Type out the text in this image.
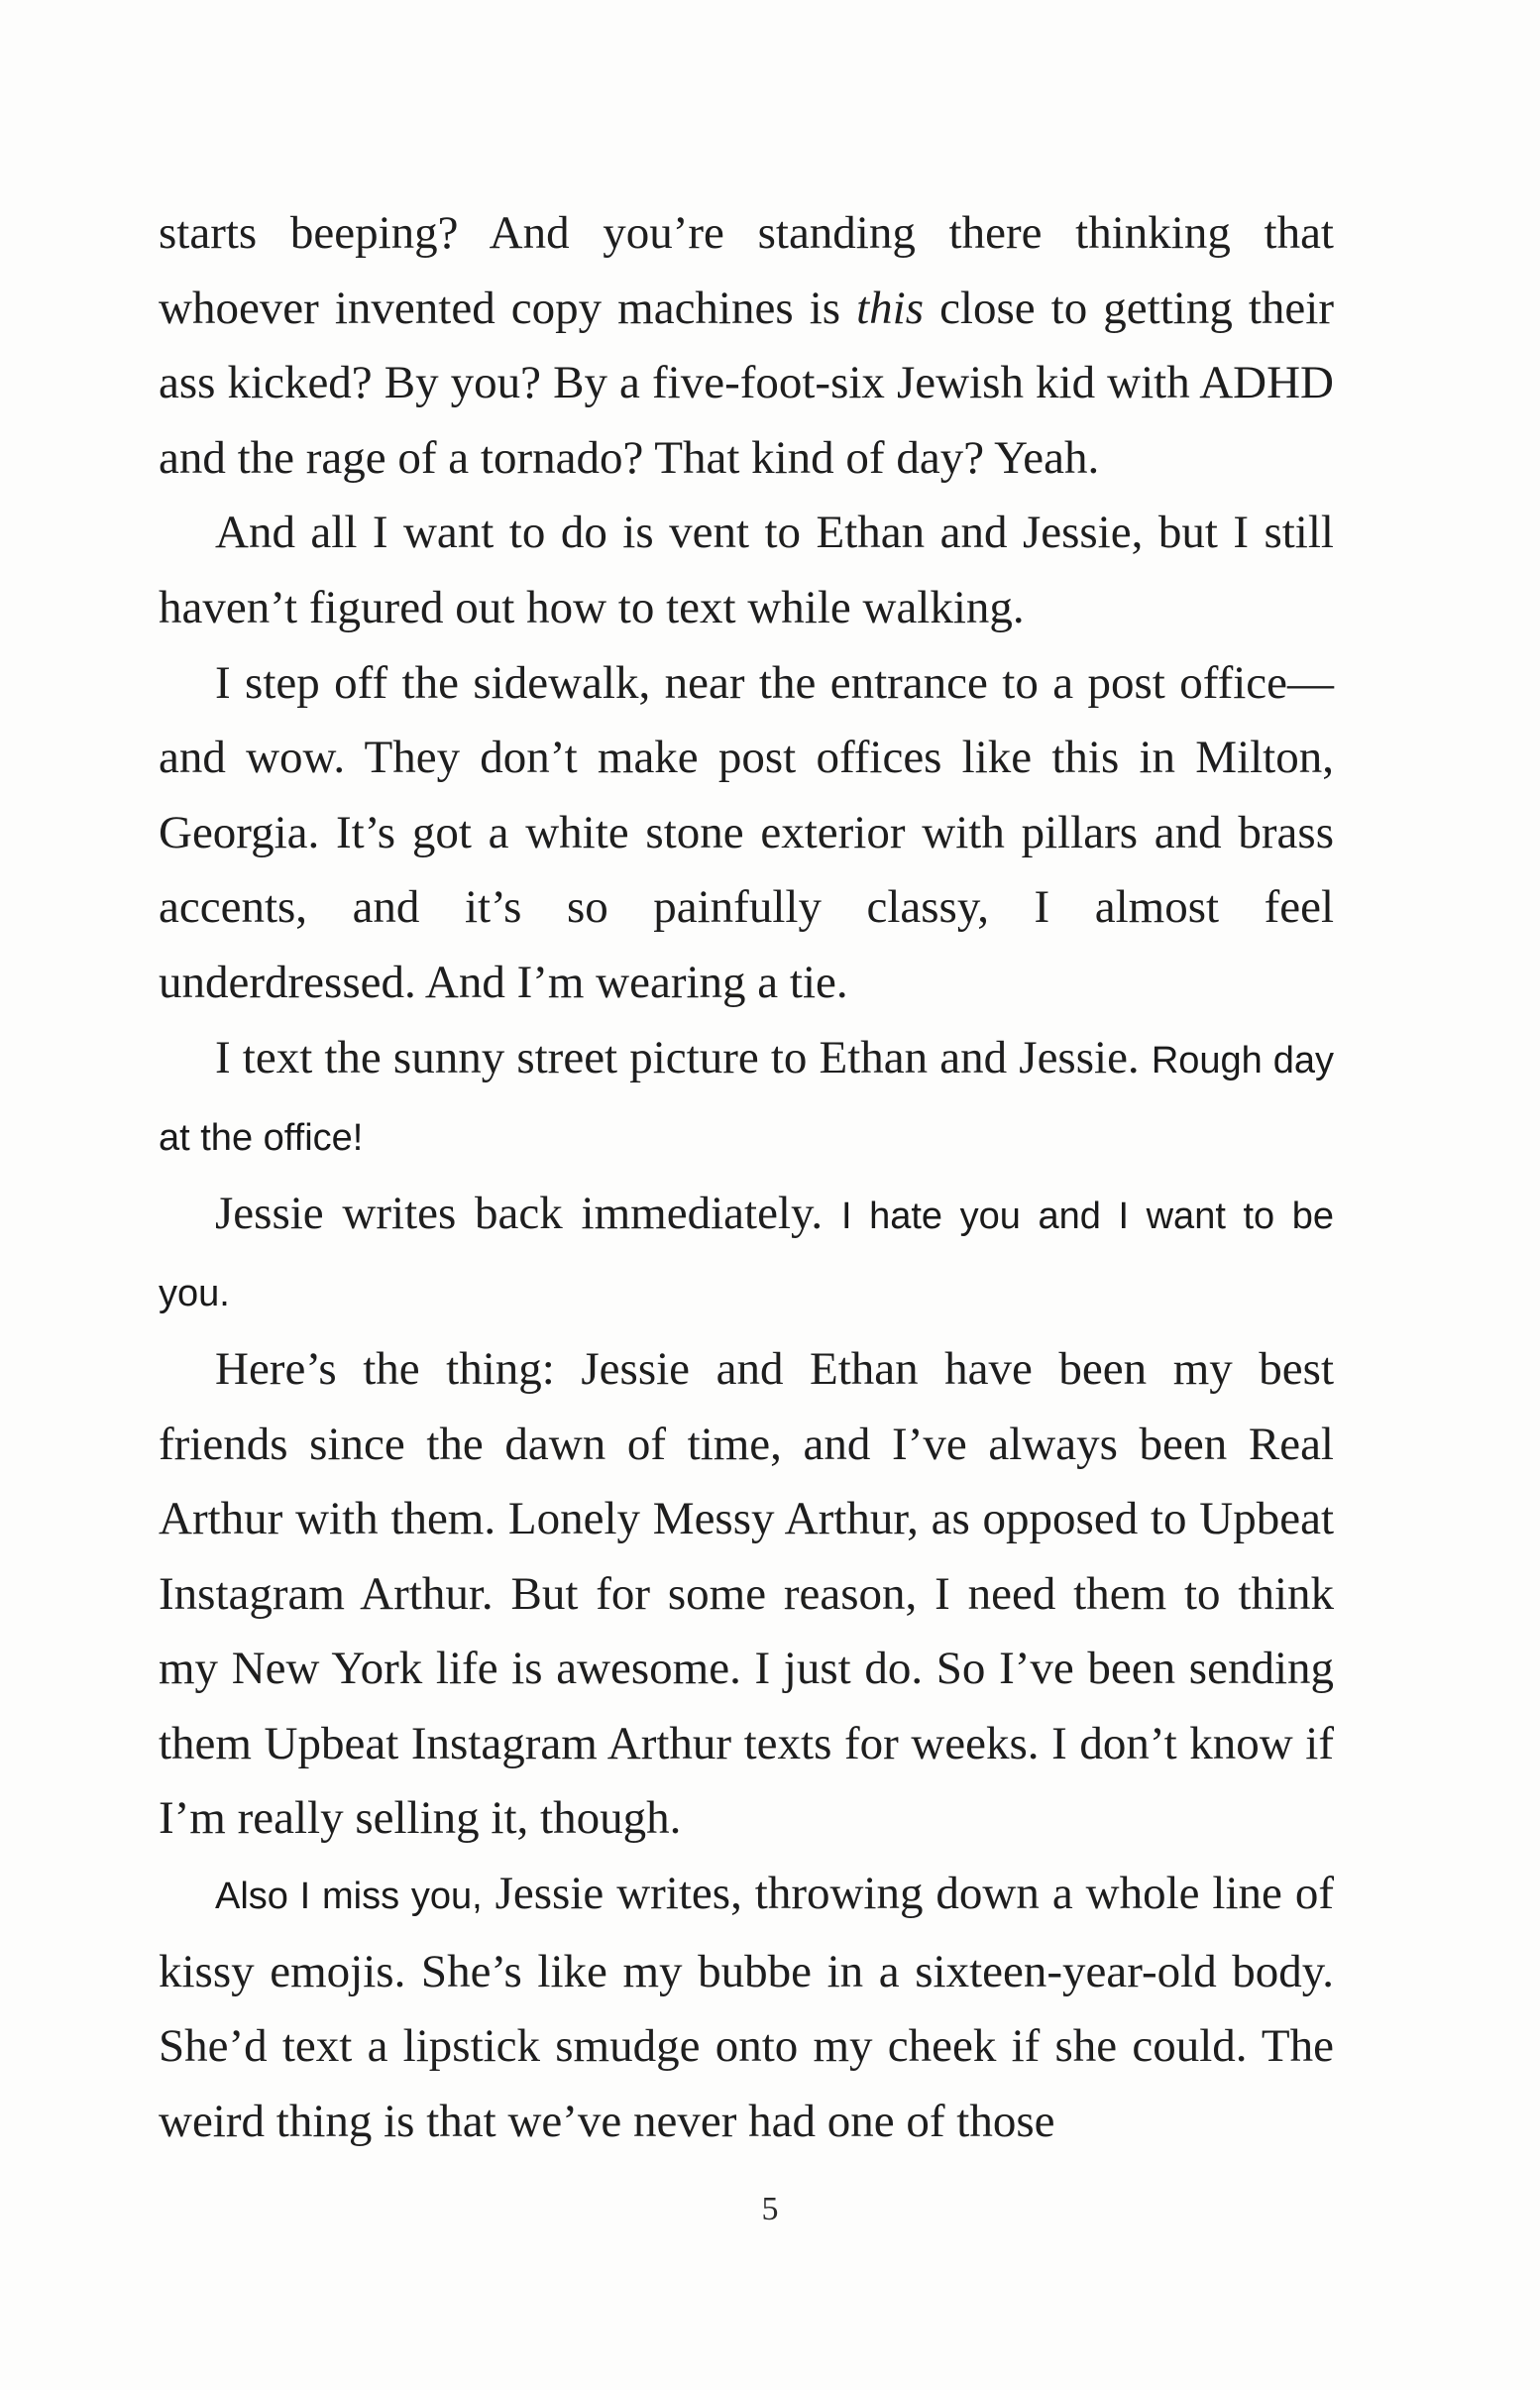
starts beeping? And you’re standing there thinking that whoever invented copy machines is this close to getting their ass kicked? By you? By a five-foot-six Jewish kid with ADHD and the rage of a tornado? That kind of day? Yeah.

And all I want to do is vent to Ethan and Jessie, but I still haven’t figured out how to text while walking.

I step off the sidewalk, near the entrance to a post office—and wow. They don’t make post offices like this in Milton, Georgia. It’s got a white stone exterior with pillars and brass accents, and it’s so painfully classy, I almost feel underdressed. And I’m wearing a tie.

I text the sunny street picture to Ethan and Jessie. Rough day at the office!

Jessie writes back immediately. I hate you and I want to be you.

Here’s the thing: Jessie and Ethan have been my best friends since the dawn of time, and I’ve always been Real Arthur with them. Lonely Messy Arthur, as opposed to Upbeat Instagram Arthur. But for some reason, I need them to think my New York life is awesome. I just do. So I’ve been sending them Upbeat Instagram Arthur texts for weeks. I don’t know if I’m really selling it, though.

Also I miss you, Jessie writes, throwing down a whole line of kissy emojis. She’s like my bubbe in a sixteen-year-old body. She’d text a lipstick smudge onto my cheek if she could. The weird thing is that we’ve never had one of those

5
